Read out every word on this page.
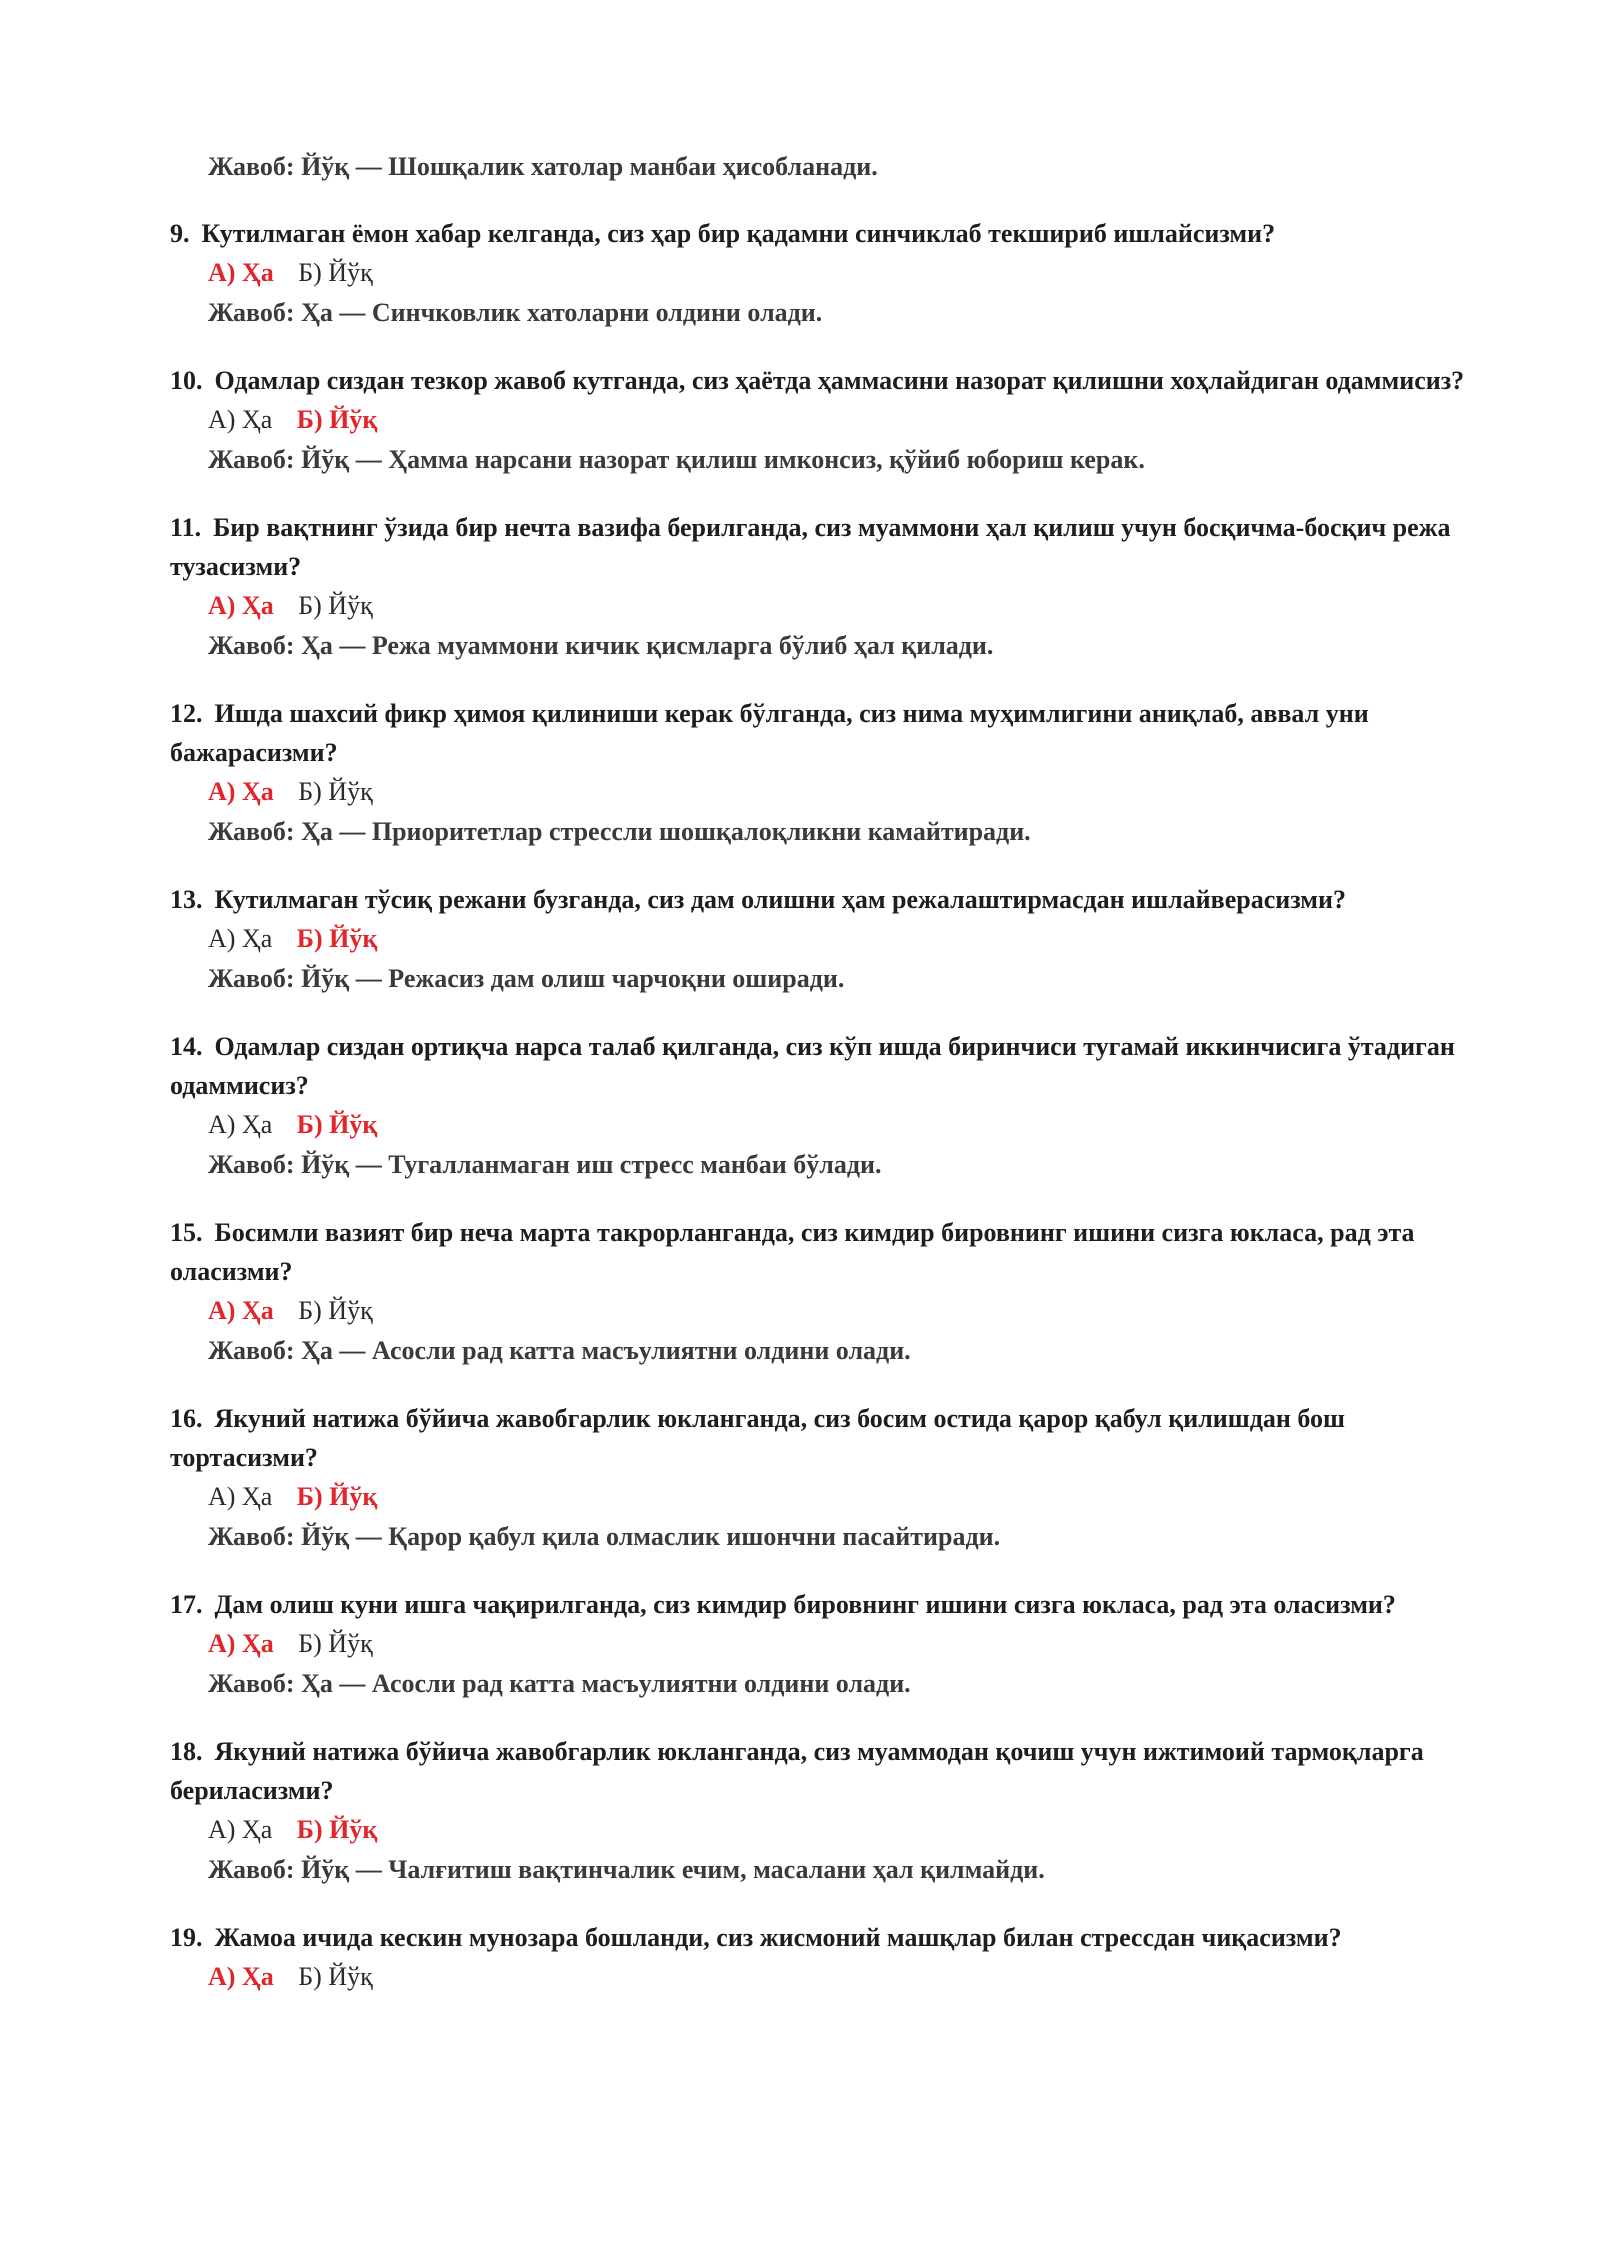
Жавоб: Йўқ — Шошқалик хатолар манбаи ҳисобланади.
9. Кутилмаган ёмон хабар келганда, сиз ҳар бир қадамни синчиклаб текшириб ишлайсизми?
А) Ҳа Б) Йўқ
Жавоб: Ҳа — Синчковлик хатоларни олдини олади.
10. Одамлар сиздан тезкор жавоб кутганда, сиз ҳаётда ҳаммасини назорат қилишни хоҳлайдиган одаммисиз?
А) Ҳа Б) Йўқ
Жавоб: Йўқ — Ҳамма нарсани назорат қилиш имконсиз, қўйиб юбориш керак.
11. Бир вақтнинг ўзида бир нечта вазифа берилганда, сиз муаммони ҳал қилиш учун босқичма-босқич режа тузасизми?
А) Ҳа Б) Йўқ
Жавоб: Ҳа — Режа муаммони кичик қисмларга бўлиб ҳал қилади.
12. Ишда шахсий фикр ҳимоя қилиниши керак бўлганда, сиз нима муҳимлигини аниқлаб, аввал уни бажарасизми?
А) Ҳа Б) Йўқ
Жавоб: Ҳа — Приоритетлар стрессли шошқалоқликни камайтиради.
13. Кутилмаган тўсиқ режани бузганда, сиз дам олишни ҳам режалаштирмасдан ишлайверасизми?
А) Ҳа Б) Йўқ
Жавоб: Йўқ — Режасиз дам олиш чарчоқни оширади.
14. Одамлар сиздан ортиқча нарса талаб қилганда, сиз кўп ишда биринчиси тугамай иккинчисига ўтадиган одаммисиз?
А) Ҳа Б) Йўқ
Жавоб: Йўқ — Тугалланмаган иш стресс манбаи бўлади.
15. Босимли вазият бир неча марта такрорланганда, сиз кимдир бировнинг ишини сизга юкласа, рад эта оласизми?
А) Ҳа Б) Йўқ
Жавоб: Ҳа — Асосли рад катта масъулиятни олдини олади.
16. Якуний натижа бўйича жавобгарлик юклангaнда, сиз босим остида қарор қабул қилишдан бош тортасизми?
А) Ҳа Б) Йўқ
Жавоб: Йўқ — Қарор қабул қила олмаслик ишончни пасайтиради.
17. Дам олиш куни ишга чақирилганда, сиз кимдир бировнинг ишини сизга юкласа, рад эта оласизми?
А) Ҳа Б) Йўқ
Жавоб: Ҳа — Асосли рад катта масъулиятни олдини олади.
18. Якуний натижа бўйича жавобгарлик юклангaнда, сиз муаммодан қочиш учун ижтимоий тармоқларга бериласизми?
А) Ҳа Б) Йўқ
Жавоб: Йўқ — Чалғитиш вақтинчалик ечим, масалани ҳал қилмайди.
19. Жамоа ичида кескин мунозара бошланди, сиз жисмоний машқлар билан стрессдан чиқасизми?
А) Ҳа Б) Йўқ
